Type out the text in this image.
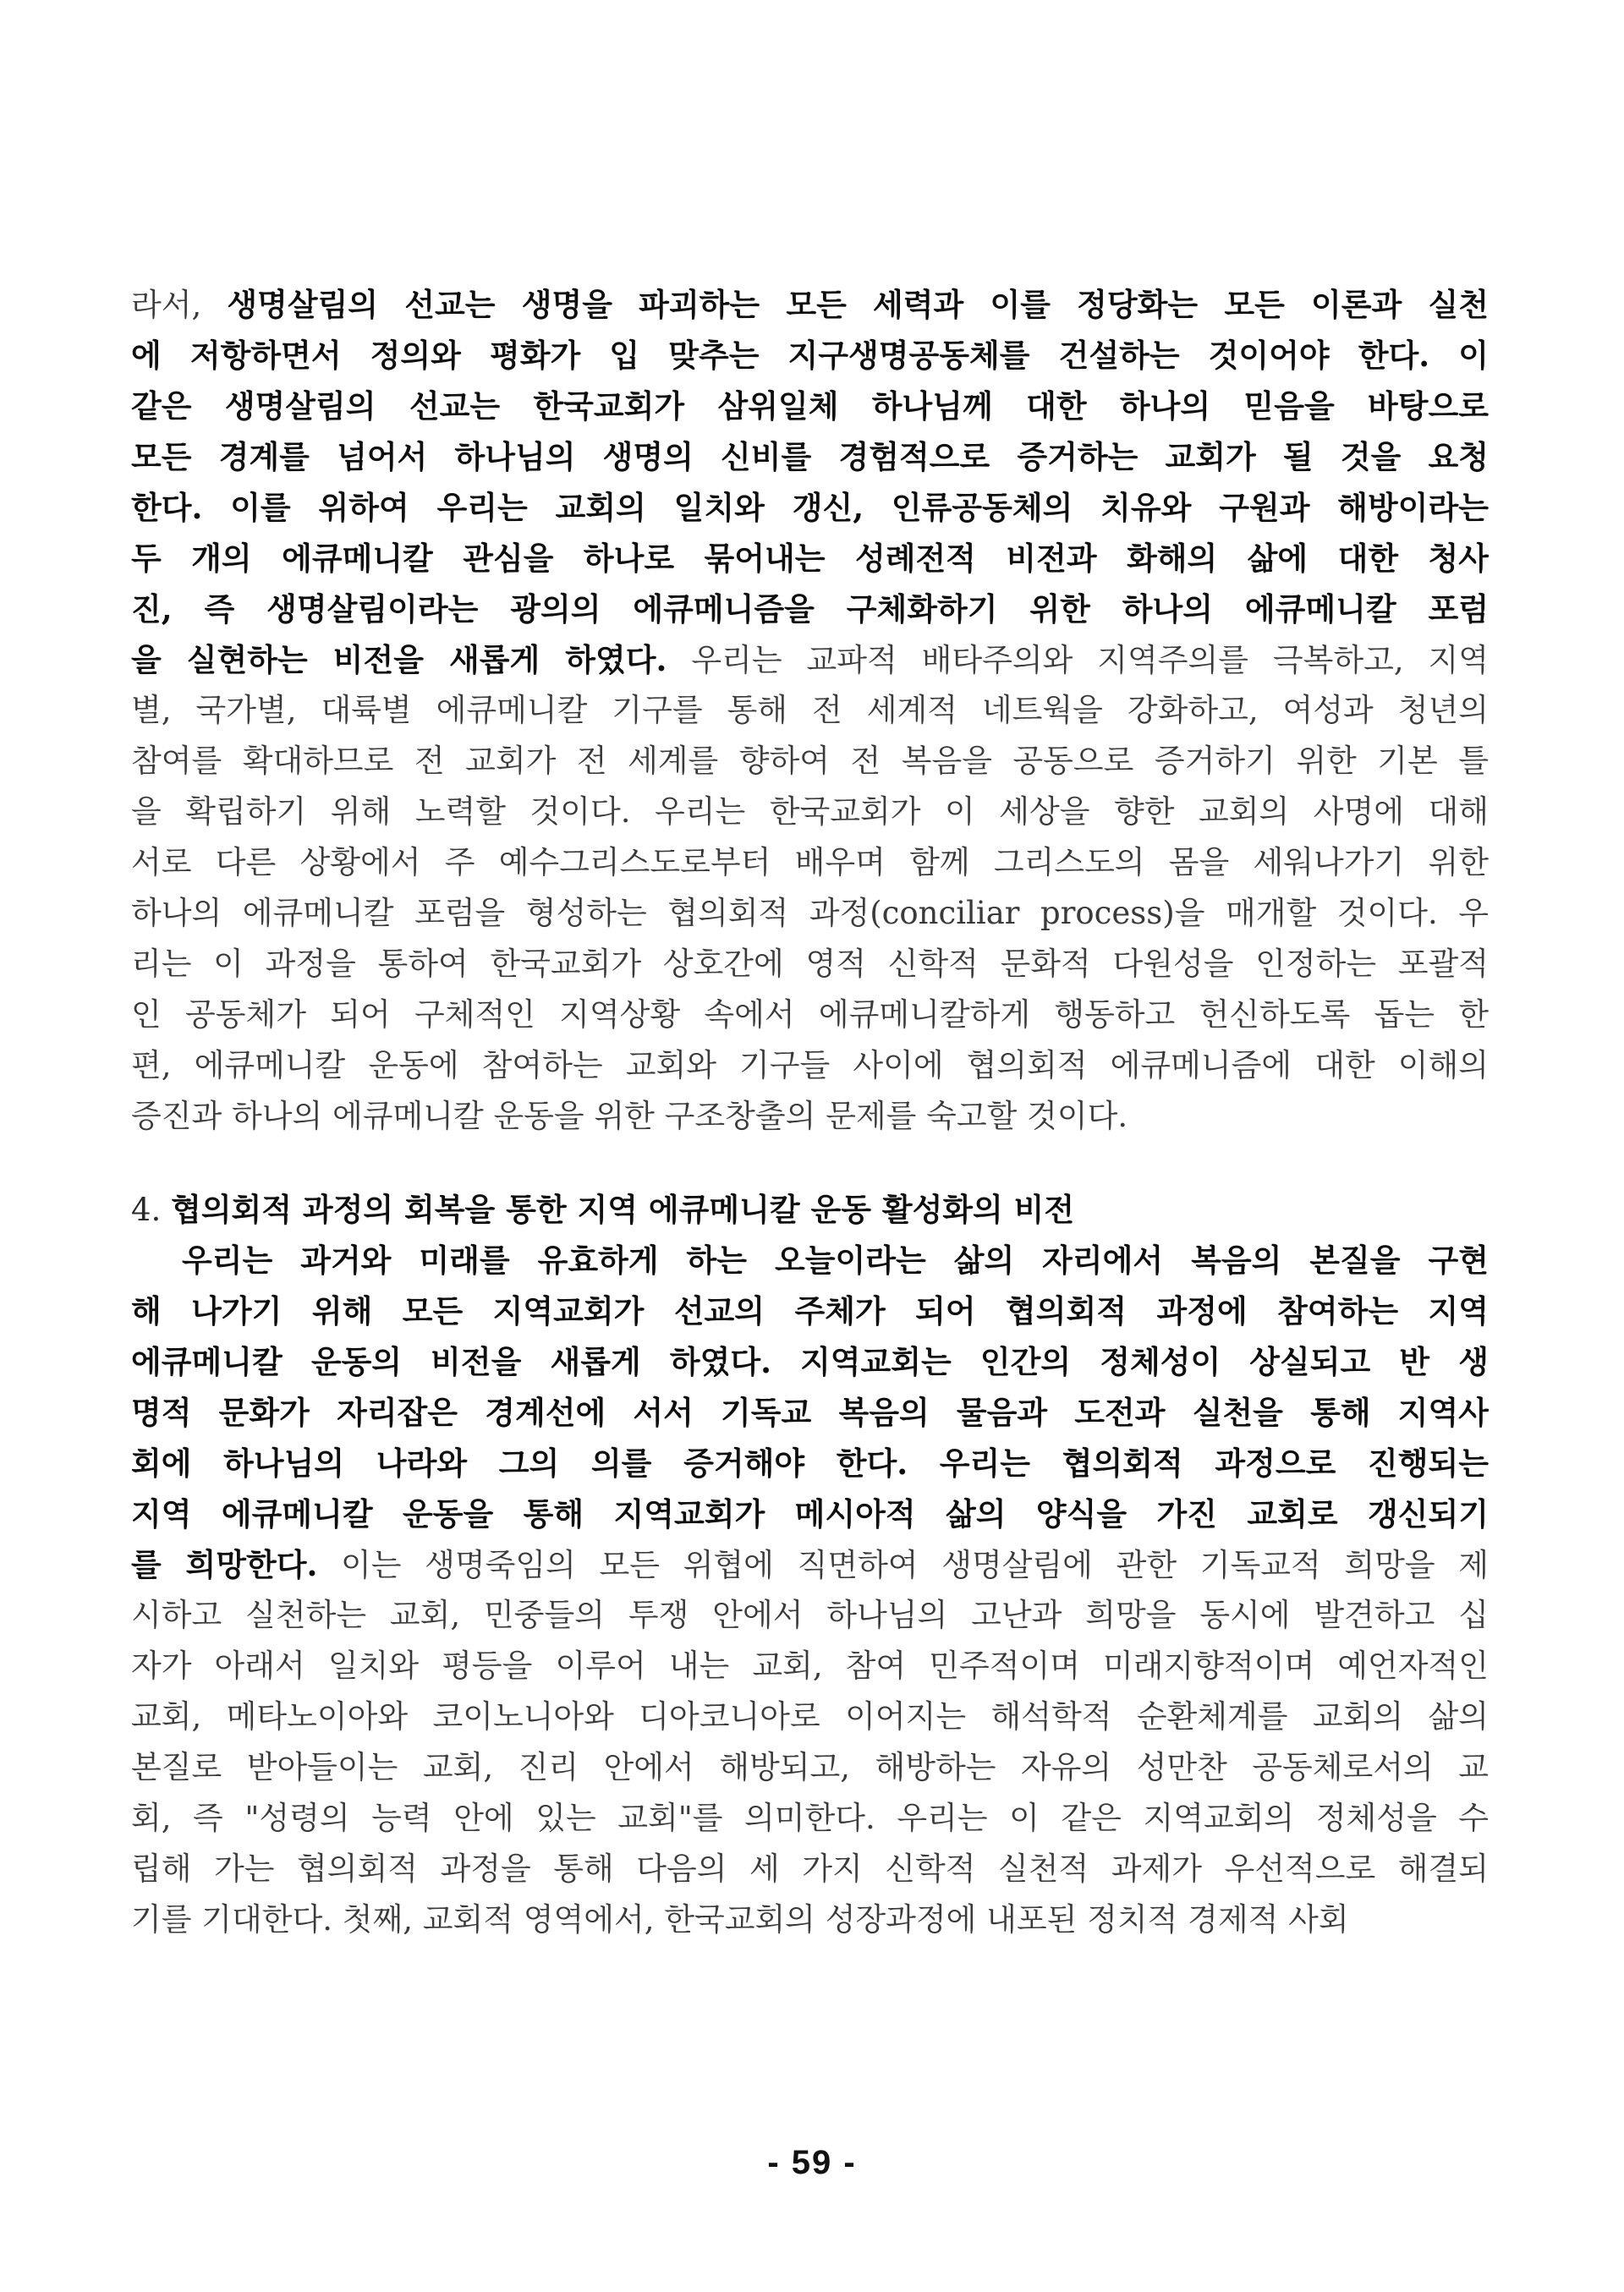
라서, 생명살림의 선교는 생명을 파괴하는 모든 세력과 이를 정당화는 모든 이론과 실천
에 저항하면서 정의와 평화가 입 맞추는 지구생명공동체를 건설하는 것이어야 한다. 이
같은 생명살림의 선교는 한국교회가 삼위일체 하나님께 대한 하나의 믿음을 바탕으로
모든 경계를 넘어서 하나님의 생명의 신비를 경험적으로 증거하는 교회가 될 것을 요청
한다. 이를 위하여 우리는 교회의 일치와 갱신, 인류공동체의 치유와 구원과 해방이라는
두 개의 에큐메니칼 관심을 하나로 묶어내는 성례전적 비전과 화해의 삶에 대한 청사
진, 즉 생명살림이라는 광의의 에큐메니즘을 구체화하기 위한 하나의 에큐메니칼 포럼
을 실현하는 비전을 새롭게 하였다. 우리는 교파적 배타주의와 지역주의를 극복하고, 지역
별, 국가별, 대륙별 에큐메니칼 기구를 통해 전 세계적 네트웍을 강화하고, 여성과 청년의
참여를 확대하므로 전 교회가 전 세계를 향하여 전 복음을 공동으로 증거하기 위한 기본 틀
을 확립하기 위해 노력할 것이다. 우리는 한국교회가 이 세상을 향한 교회의 사명에 대해
서로 다른 상황에서 주 예수그리스도로부터 배우며 함께 그리스도의 몸을 세워나가기 위한
하나의 에큐메니칼 포럼을 형성하는 협의회적 과정(conciliar process)을 매개할 것이다. 우
리는 이 과정을 통하여 한국교회가 상호간에 영적 신학적 문화적 다원성을 인정하는 포괄적
인 공동체가 되어 구체적인 지역상황 속에서 에큐메니칼하게 행동하고 헌신하도록 돕는 한
편, 에큐메니칼 운동에 참여하는 교회와 기구들 사이에 협의회적 에큐메니즘에 대한 이해의
증진과 하나의 에큐메니칼 운동을 위한 구조창출의 문제를 숙고할 것이다.
4. 협의회적 과정의 회복을 통한 지역 에큐메니칼 운동 활성화의 비전
우리는 과거와 미래를 유효하게 하는 오늘이라는 삶의 자리에서 복음의 본질을 구현
해 나가기 위해 모든 지역교회가 선교의 주체가 되어 협의회적 과정에 참여하는 지역
에큐메니칼 운동의 비전을 새롭게 하였다. 지역교회는 인간의 정체성이 상실되고 반 생
명적 문화가 자리잡은 경계선에 서서 기독교 복음의 물음과 도전과 실천을 통해 지역사
회에 하나님의 나라와 그의 의를 증거해야 한다. 우리는 협의회적 과정으로 진행되는
지역 에큐메니칼 운동을 통해 지역교회가 메시아적 삶의 양식을 가진 교회로 갱신되기
를 희망한다. 이는 생명죽임의 모든 위협에 직면하여 생명살림에 관한 기독교적 희망을 제
시하고 실천하는 교회, 민중들의 투쟁 안에서 하나님의 고난과 희망을 동시에 발견하고 십
자가 아래서 일치와 평등을 이루어 내는 교회, 참여 민주적이며 미래지향적이며 예언자적인
교회, 메타노이아와 코이노니아와 디아코니아로 이어지는 해석학적 순환체계를 교회의 삶의
본질로 받아들이는 교회, 진리 안에서 해방되고, 해방하는 자유의 성만찬 공동체로서의 교
회, 즉 "성령의 능력 안에 있는 교회"를 의미한다. 우리는 이 같은 지역교회의 정체성을 수
립해 가는 협의회적 과정을 통해 다음의 세 가지 신학적 실천적 과제가 우선적으로 해결되
기를 기대한다. 첫째, 교회적 영역에서, 한국교회의 성장과정에 내포된 정치적 경제적 사회
- 59 -
